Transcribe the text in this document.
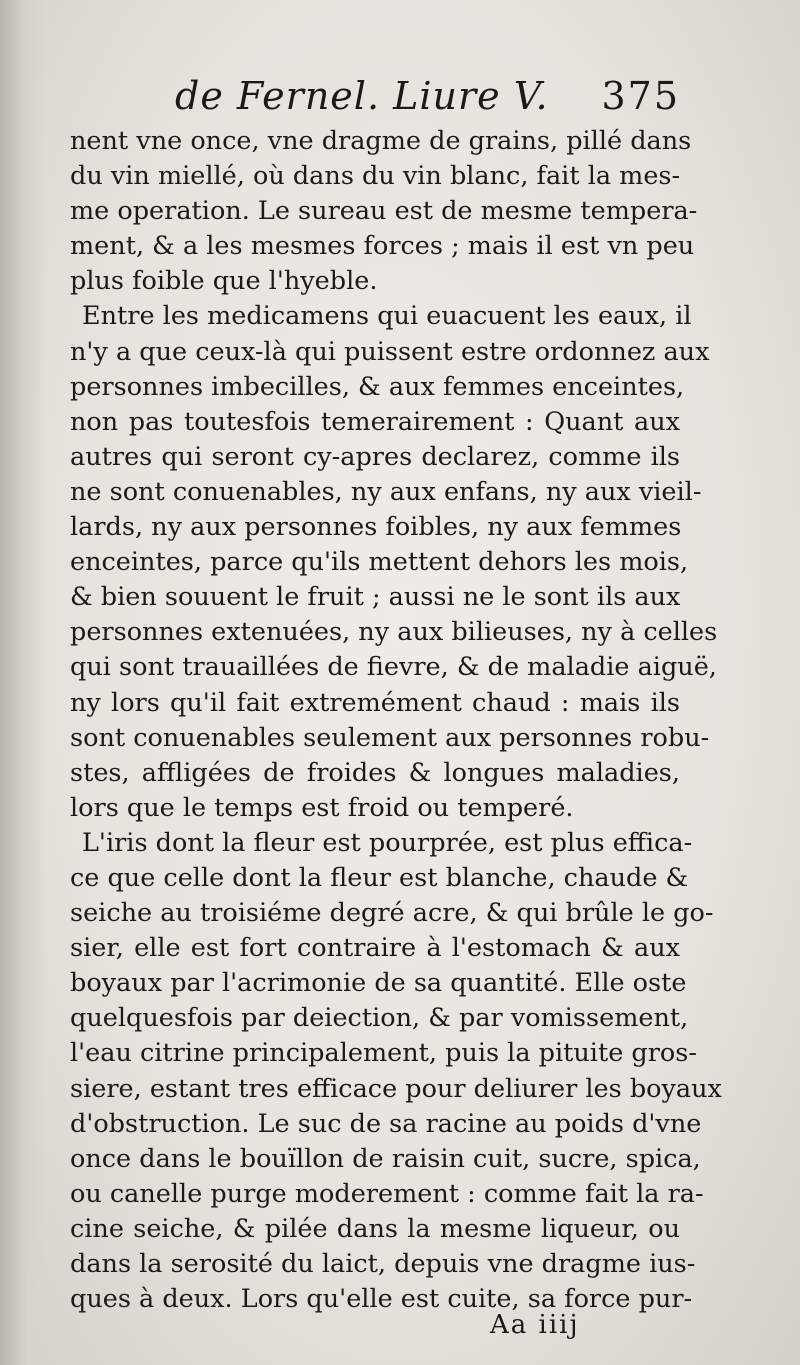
de Fernel. Liure V. 375
nent vne once, vne dragme de grains, pillé dans
du vin miellé, où dans du vin blanc, fait la mes-
me operation. Le sureau est de mesme tempera-
ment, & a les mesmes forces ; mais il est vn peu
plus foible que l'hyeble.
Entre les medicamens qui euacuent les eaux, il
n'y a que ceux-là qui puissent estre ordonnez aux
personnes imbecilles, & aux femmes enceintes,
non pas toutesfois temerairement : Quant aux
autres qui seront cy-apres declarez, comme ils
ne sont conuenables, ny aux enfans, ny aux vieil-
lards, ny aux personnes foibles, ny aux femmes
enceintes, parce qu'ils mettent dehors les mois,
& bien souuent le fruit ; aussi ne le sont ils aux
personnes extenuées, ny aux bilieuses, ny à celles
qui sont trauaillées de fievre, & de maladie aiguë,
ny lors qu'il fait extremément chaud : mais ils
sont conuenables seulement aux personnes robu-
stes, affligées de froides & longues maladies,
lors que le temps est froid ou temperé.
L'iris dont la fleur est pourprée, est plus effica-
ce que celle dont la fleur est blanche, chaude &
seiche au troisiéme degré acre, & qui brûle le go-
sier, elle est fort contraire à l'estomach & aux
boyaux par l'acrimonie de sa quantité. Elle oste
quelquesfois par deiection, & par vomissement,
l'eau citrine principalement, puis la pituite gros-
siere, estant tres efficace pour deliurer les boyaux
d'obstruction. Le suc de sa racine au poids d'vne
once dans le bouïllon de raisin cuit, sucre, spica,
ou canelle purge moderement : comme fait la ra-
cine seiche, & pilée dans la mesme liqueur, ou
dans la serosité du laict, depuis vne dragme ius-
ques à deux. Lors qu'elle est cuite, sa force pur-
Aa iiij
